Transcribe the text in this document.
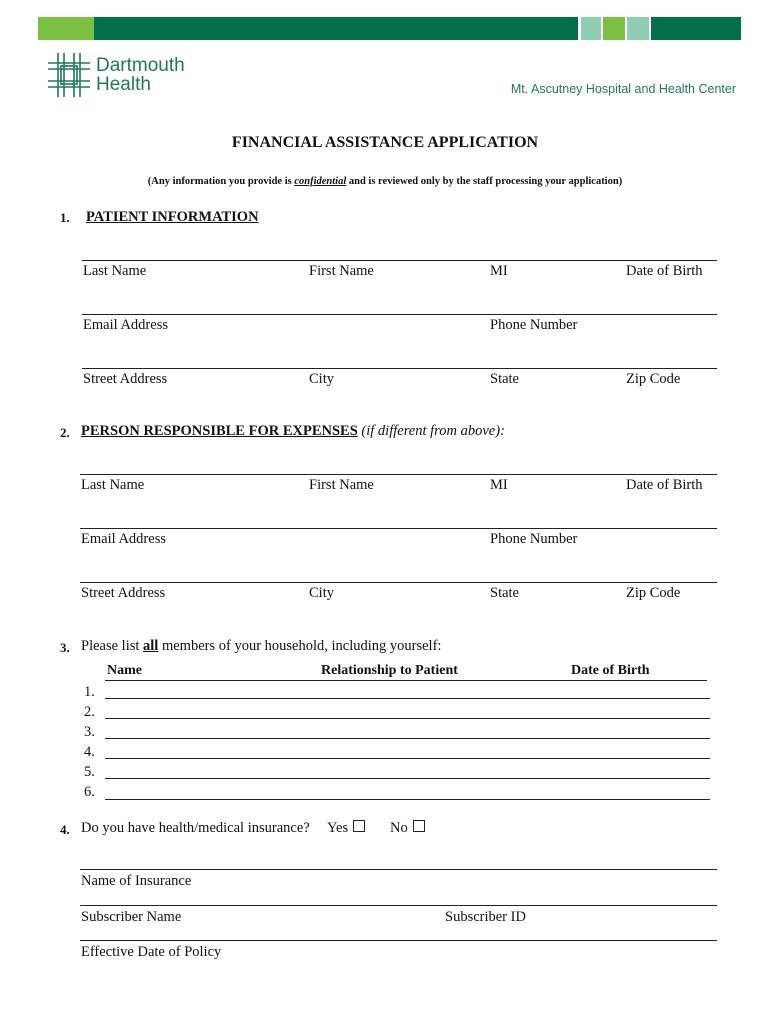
Dartmouth
Health	Mt. Ascutney Hospital and Health Center
FINANCIAL ASSISTANCE APPLICATION
(Any information you provide is confidential and is reviewed only by the staff processing your application)
1. PATIENT INFORMATION
Last Name	First Name	MI	Date of Birth
Email Address	Phone Number
Street Address	City	State	Zip Code
2. PERSON RESPONSIBLE FOR EXPENSES (if different from above):
Last Name	First Name	MI	Date of Birth
Email Address	Phone Number
Street Address	City	State	Zip Code
3. Please list all members of your household, including yourself:
Name	Relationship to Patient	Date of Birth
1.
2.
3.
4.
5.
6.
4. Do you have health/medical insurance? Yes	No
Name of Insurance
Subscriber Name	Subscriber ID
Effective Date of Policy
